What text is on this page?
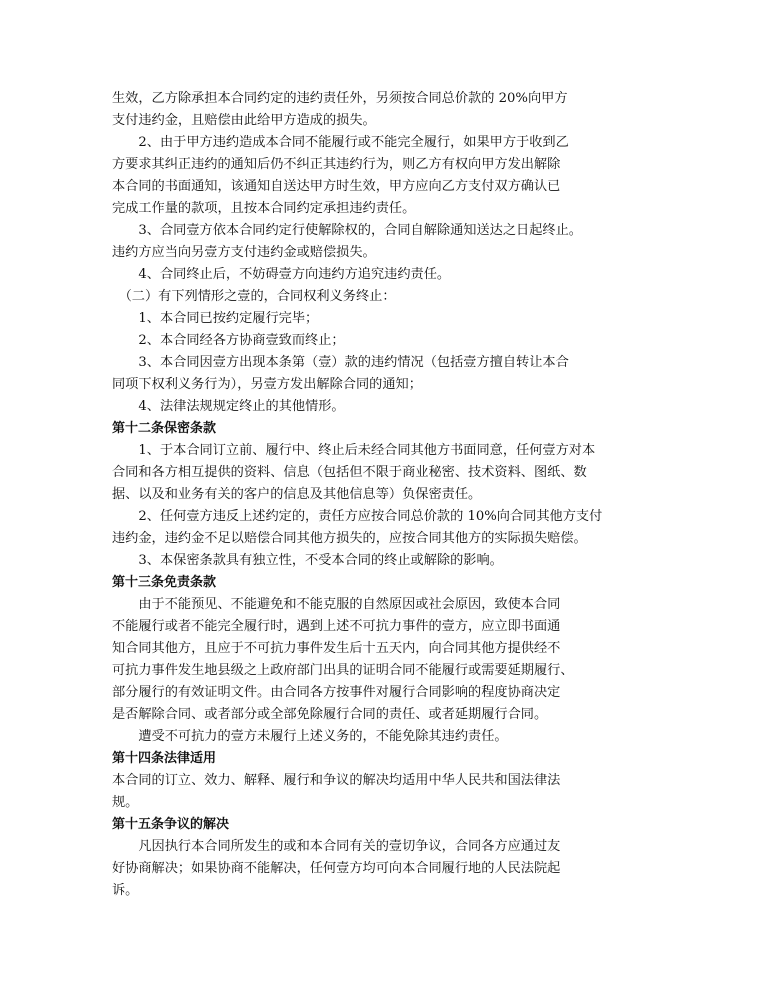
生效，乙方除承担本合同约定的违约责任外，另须按合同总价款的 20%向甲方
支付违约金，且赔偿由此给甲方造成的损失。
　　2、由于甲方违约造成本合同不能履行或不能完全履行，如果甲方于收到乙
方要求其纠正违约的通知后仍不纠正其违约行为，则乙方有权向甲方发出解除
本合同的书面通知，该通知自送达甲方时生效，甲方应向乙方支付双方确认已
完成工作量的款项，且按本合同约定承担违约责任。
　　3、合同壹方依本合同约定行使解除权的，合同自解除通知送达之日起终止。
违约方应当向另壹方支付违约金或赔偿损失。
　　4、合同终止后，不妨碍壹方向违约方追究违约责任。
　（二）有下列情形之壹的，合同权利义务终止：
　　1、本合同已按约定履行完毕；
　　2、本合同经各方协商壹致而终止；
　　3、本合同因壹方出现本条第（壹）款的违约情况（包括壹方擅自转让本合
同项下权利义务行为），另壹方发出解除合同的通知；
　　4、法律法规规定终止的其他情形。
第十二条保密条款
　　1、于本合同订立前、履行中、终止后未经合同其他方书面同意，任何壹方对本
合同和各方相互提供的资料、信息（包括但不限于商业秘密、技术资料、图纸、数
据、以及和业务有关的客户的信息及其他信息等）负保密责任。
　　2、任何壹方违反上述约定的，责任方应按合同总价款的 10%向合同其他方支付
违约金，违约金不足以赔偿合同其他方损失的，应按合同其他方的实际损失赔偿。
　　3、本保密条款具有独立性，不受本合同的终止或解除的影响。
第十三条免责条款
　　由于不能预见、不能避免和不能克服的自然原因或社会原因，致使本合同
不能履行或者不能完全履行时，遇到上述不可抗力事件的壹方，应立即书面通
知合同其他方，且应于不可抗力事件发生后十五天内，向合同其他方提供经不
可抗力事件发生地县级之上政府部门出具的证明合同不能履行或需要延期履行、
部分履行的有效证明文件。由合同各方按事件对履行合同影响的程度协商决定
是否解除合同、或者部分或全部免除履行合同的责任、或者延期履行合同。
　　遭受不可抗力的壹方未履行上述义务的，不能免除其违约责任。
第十四条法律适用
本合同的订立、效力、解释、履行和争议的解决均适用中华人民共和国法律法
规。
第十五条争议的解决
　　凡因执行本合同所发生的或和本合同有关的壹切争议，合同各方应通过友
好协商解决；如果协商不能解决，任何壹方均可向本合同履行地的人民法院起
诉。
